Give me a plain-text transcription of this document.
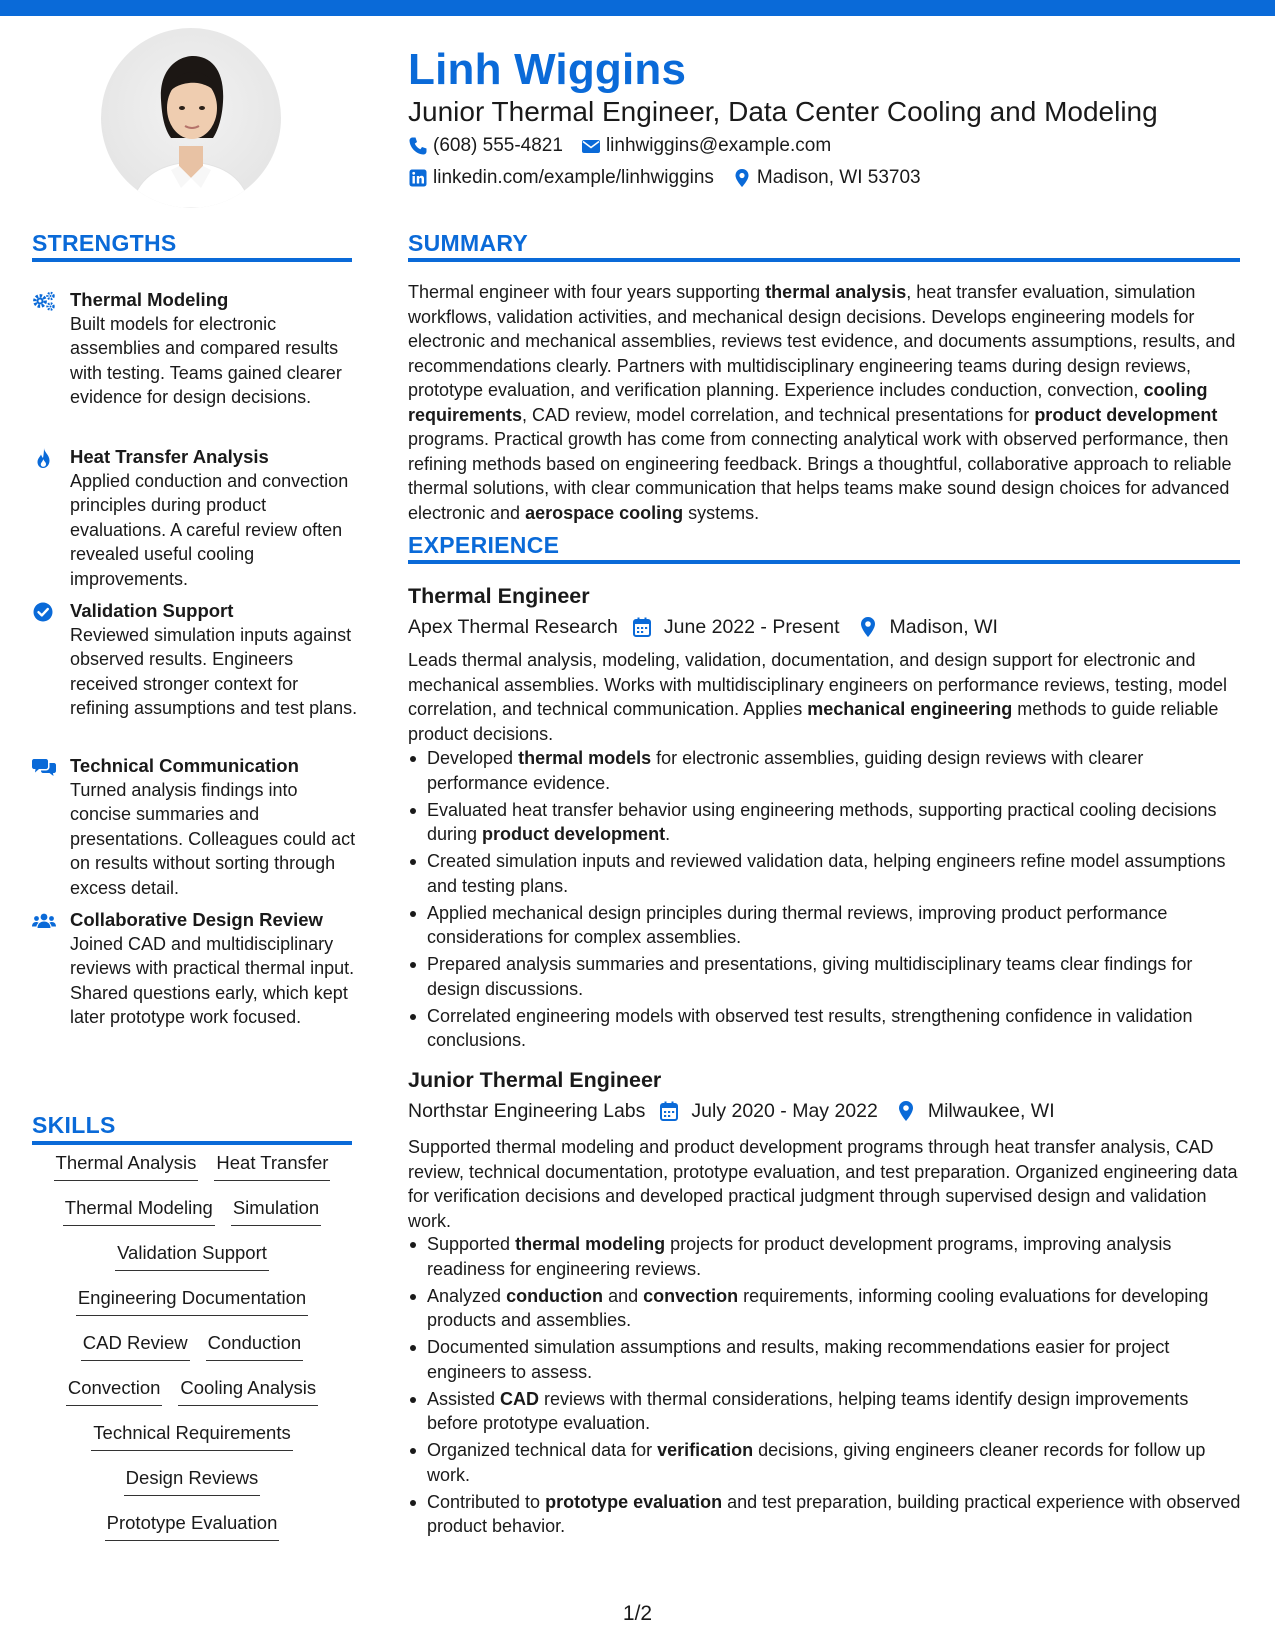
Linh Wiggins
Junior Thermal Engineer, Data Center Cooling and Modeling
(608) 555-4821 linhwiggins@example.com
linkedin.com/example/linhwiggins Madison, WI 53703
STRENGTHS
Thermal Modeling
Built models for electronic assemblies and compared results with testing. Teams gained clearer evidence for design decisions.
Heat Transfer Analysis
Applied conduction and convection principles during product evaluations. A careful review often revealed useful cooling improvements.
Validation Support
Reviewed simulation inputs against observed results. Engineers received stronger context for refining assumptions and test plans.
Technical Communication
Turned analysis findings into concise summaries and presentations. Colleagues could act on results without sorting through excess detail.
Collaborative Design Review
Joined CAD and multidisciplinary reviews with practical thermal input. Shared questions early, which kept later prototype work focused.
SKILLS
Thermal Analysis Heat Transfer
Thermal Modeling Simulation
Validation Support
Engineering Documentation
CAD Review Conduction
Convection Cooling Analysis
Technical Requirements
Design Reviews
Prototype Evaluation
SUMMARY

Thermal engineer with four years supporting thermal analysis, heat transfer evaluation, simulation workflows, validation activities, and mechanical design decisions. Develops engineering models for electronic and mechanical assemblies, reviews test evidence, and documents assumptions, results, and recommendations clearly. Partners with multidisciplinary engineering teams during design reviews, prototype evaluation, and verification planning. Experience includes conduction, convection, cooling requirements, CAD review, model correlation, and technical presentations for product development programs. Practical growth has come from connecting analytical work with observed performance, then refining methods based on engineering feedback. Brings a thoughtful, collaborative approach to reliable thermal solutions, with clear communication that helps teams make sound design choices for advanced electronic and aerospace cooling systems.

EXPERIENCE
Thermal Engineer
Apex Thermal Research June 2022 - Present	Madison, WI

Leads thermal analysis, modeling, validation, documentation, and design support for electronic and mechanical assemblies. Works with multidisciplinary engineers on performance reviews, testing, model correlation, and technical communication. Applies mechanical engineering methods to guide reliable product decisions.

Developed thermal models for electronic assemblies, guiding design reviews with clearer performance evidence.
Evaluated heat transfer behavior using engineering methods, supporting practical cooling decisions during product development.
Created simulation inputs and reviewed validation data, helping engineers refine model assumptions and testing plans.
Applied mechanical design principles during thermal reviews, improving product performance considerations for complex assemblies.
Prepared analysis summaries and presentations, giving multidisciplinary teams clear findings for design discussions.
Correlated engineering models with observed test results, strengthening confidence in validation conclusions.
Junior Thermal Engineer
Northstar Engineering Labs July 2020 - May 2022	Milwaukee, WI

Supported thermal modeling and product development programs through heat transfer analysis, CAD review, technical documentation, prototype evaluation, and test preparation. Organized engineering data for verification decisions and developed practical judgment through supervised design and validation work.

Supported thermal modeling projects for product development programs, improving analysis readiness for engineering reviews.
Analyzed conduction and convection requirements, informing cooling evaluations for developing products and assemblies.
Documented simulation assumptions and results, making recommendations easier for project engineers to assess.
Assisted CAD reviews with thermal considerations, helping teams identify design improvements before prototype evaluation.
Organized technical data for verification decisions, giving engineers cleaner records for follow up work.
Contributed to prototype evaluation and test preparation, building practical experience with observed product behavior.
1/2
